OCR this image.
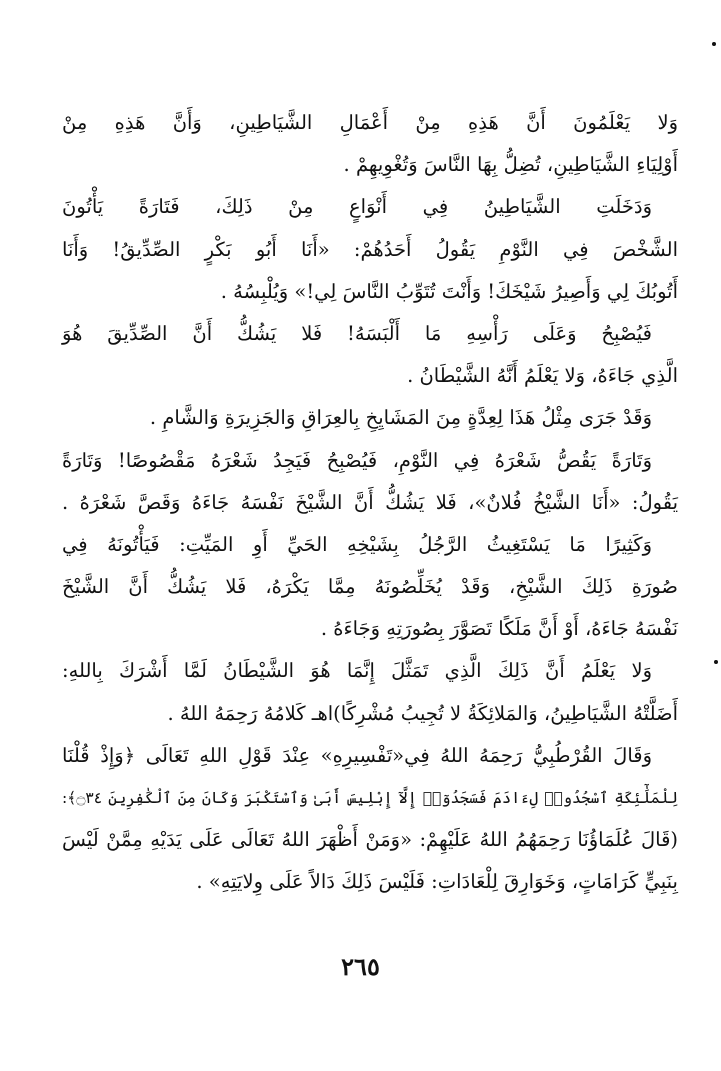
وَلا يَعْلَمُونَ أَنَّ هَذِهِ مِنْ أَعْمَالِ الشَّيَاطِينِ، وَأَنَّ هَذِهِ مِنْ
أَوْلِيَاءِ الشَّيَاطِينِ، تُضِلُّ بِهَا النَّاسَ وَتُغْوِيهِمْ .
وَدَخَلَتِ الشَّيَاطِينُ فِي أَنْوَاعٍ مِنْ ذَلِكَ، فَتَارَةً يَأْتُونَ
الشَّخْصَ فِي النَّوْمِ يَقُولُ أَحَدُهُمْ: «أَنَا أَبُو بَكْرٍ الصِّدِّيقُ! وَأَنَا
أَتُوبُكَ لِي وَأَصِيرُ شَيْخَكَ! وَأَنْتَ تُتَوِّبُ النَّاسَ لِي!» وَيُلْبِسُهُ .
فَيُصْبِحُ وَعَلَى رَأْسِهِ مَا أَلْبَسَهُ! فَلا يَشُكُّ أَنَّ الصِّدِّيقَ هُوَ
الَّذِي جَاءَهُ، وَلا يَعْلَمُ أَنَّهُ الشَّيْطَانُ .
وَقَدْ جَرَى مِثْلُ هَذَا لِعِدَّةٍ مِنَ المَشَايِخِ بِالعِرَاقِ وَالجَزِيرَةِ وَالشَّامِ .
وَتَارَةً يَقُصُّ شَعْرَهُ فِي النَّوْمِ، فَيُصْبِحُ فَيَجِدُ شَعْرَهُ مَقْصُوصًا! وَتَارَةً
يَقُولُ: «أَنَا الشَّيْخُ فُلانٌ»، فَلا يَشُكُّ أَنَّ الشَّيْخَ نَفْسَهُ جَاءَهُ وَقَصَّ شَعْرَهُ .
وَكَثِيرًا مَا يَسْتَغِيثُ الرَّجُلُ بِشَيْخِهِ الحَيِّ أَوِ المَيِّتِ: فَيَأْتُونَهُ فِي
صُورَةِ ذَلِكَ الشَّيْخِ، وَقَدْ يُخَلِّصُونَهُ مِمَّا يَكْرَهُ، فَلا يَشُكُّ أَنَّ الشَّيْخَ
نَفْسَهُ جَاءَهُ، أَوْ أَنَّ مَلَكًا تَصَوَّرَ بِصُورَتِهِ وَجَاءَهُ .
وَلا يَعْلَمُ أَنَّ ذَلِكَ الَّذِي تَمَثَّلَ إِنَّمَا هُوَ الشَّيْطَانُ لَمَّا أَشْرَكَ بِاللهِ:
أَضَلَّتْهُ الشَّيَاطِينُ، وَالمَلائِكَةُ لا تُجِيبُ مُشْرِكًا)اهـ كَلامُهُ رَحِمَهُ اللهُ .
وَقَالَ القُرْطُبِيُّ رَحِمَهُ اللهُ فِي«تَفْسِيرِهِ» عِنْدَ قَوْلِ اللهِ تَعَالَى ﴿وَإِذْ قُلْنَا
لِلْمَلَٰٓئِكَةِ ٱسْجُدُوا۟ لِءَادَمَ فَسَجَدُوٓا۟ إِلَّآ إِبْلِيسَ أَبَىٰ وَٱسْتَكْبَرَ وَكَانَ مِنَ ٱلْكَٰفِرِينَ ۝٣٤﴾:
(قَالَ عُلَمَاؤُنَا رَحِمَهُمُ اللهُ عَلَيْهِمْ: «وَمَنْ أَظْهَرَ اللهُ تَعَالَى عَلَى يَدَيْهِ مِمَّنْ لَيْسَ
بِنَبِيٍّ كَرَامَاتٍ، وَخَوَارِقَ لِلْعَادَاتِ: فَلَيْسَ ذَلِكَ دَالاً عَلَى وِلايَتِهِ» .
٢٦٥
